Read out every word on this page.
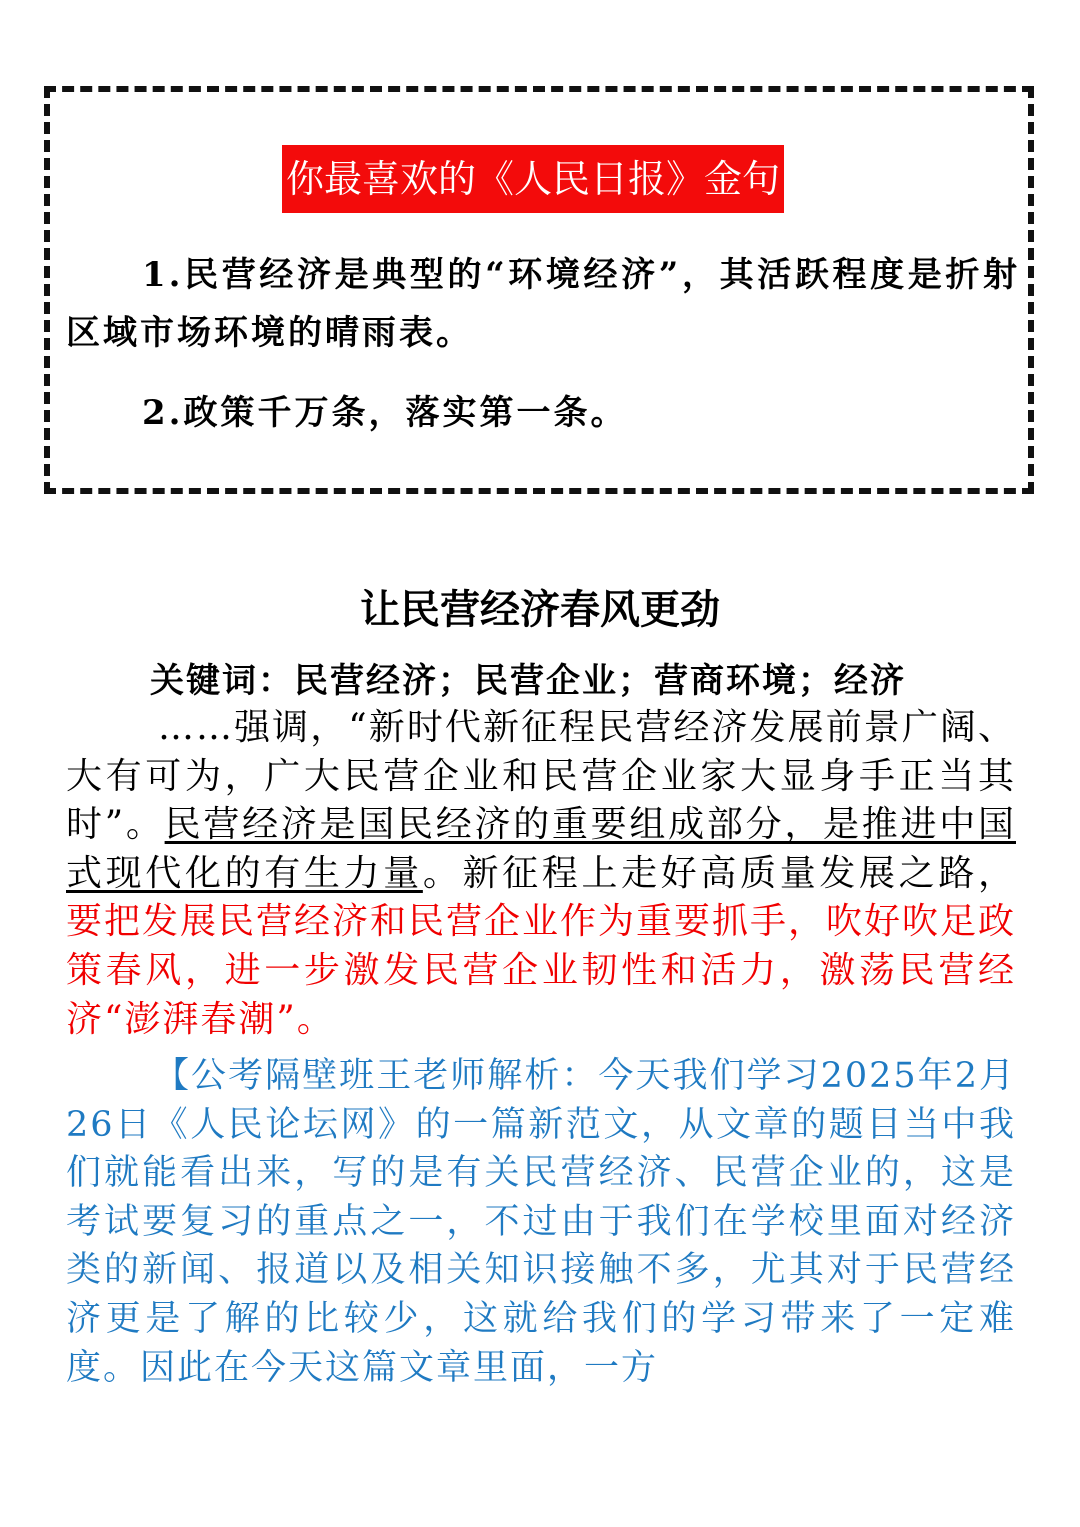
你最喜欢的《人民日报》金句

1.民营经济是典型的“环境经济”，其活跃程度是折射区域市场环境的晴雨表。

2.政策千万条，落实第一条。

让民营经济春风更劲

关键词：民营经济；民营企业；营商环境；经济

……强调，“新时代新征程民营经济发展前景广阔、大有可为，广大民营企业和民营企业家大显身手正当其时”。民营经济是国民经济的重要组成部分，是推进中国式现代化的有生力量。新征程上走好高质量发展之路，要把发展民营经济和民营企业作为重要抓手，吹好吹足政策春风，进一步激发民营企业韧性和活力，激荡民营经济“澎湃春潮”。

【公考隔壁班王老师解析：今天我们学习2025年2月26日《人民论坛网》的一篇新范文，从文章的题目当中我们就能看出来，写的是有关民营经济、民营企业的，这是考试要复习的重点之一，不过由于我们在学校里面对经济类的新闻、报道以及相关知识接触不多，尤其对于民营经济更是了解的比较少，这就给我们的学习带来了一定难度。因此在今天这篇文章里面，一方
